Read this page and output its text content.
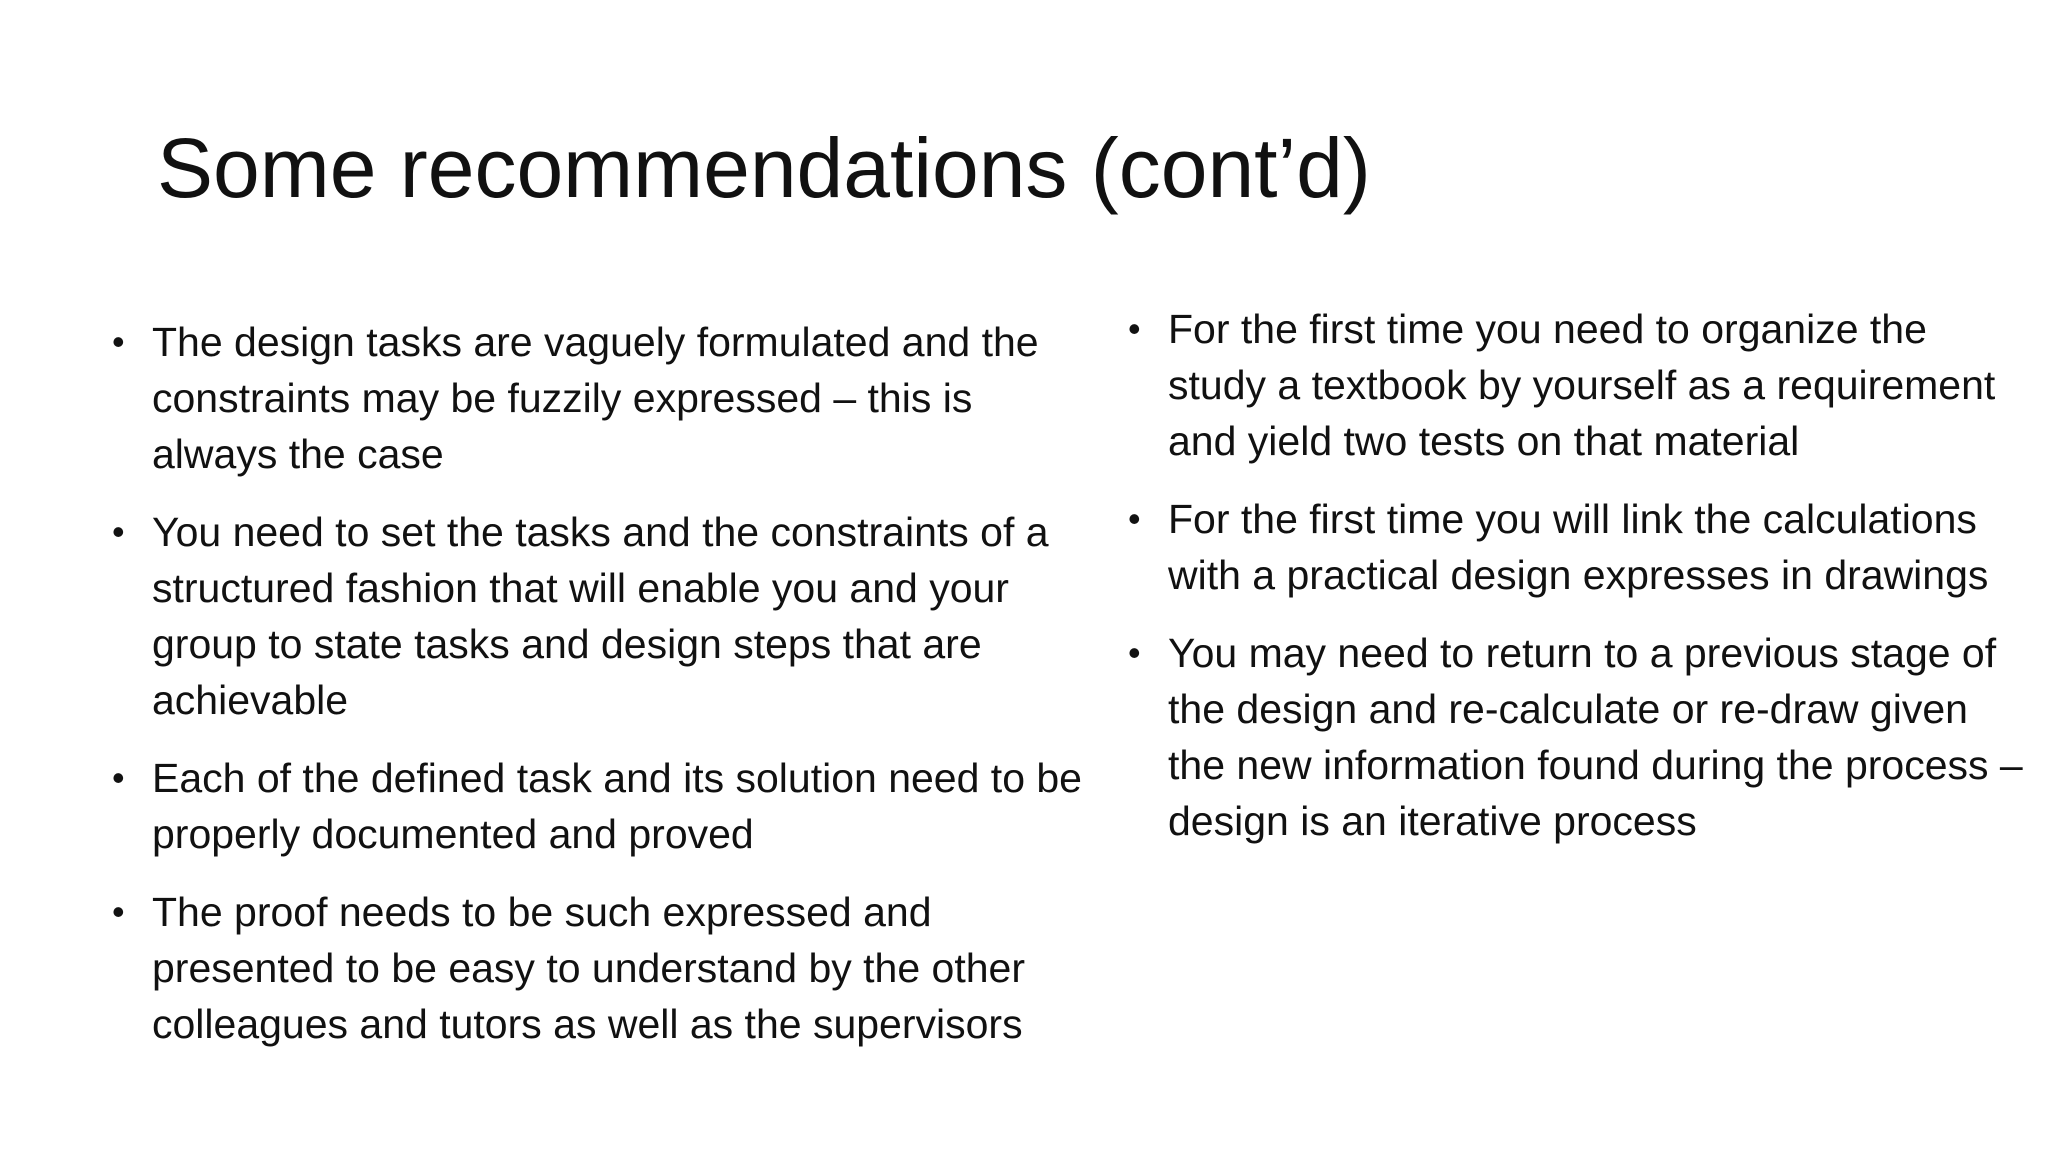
Some recommendations (cont’d)
• The design tasks are vaguely formulated and the constraints may be fuzzily expressed – this is always the case
• You need to set the tasks and the constraints of a structured fashion that will enable you and your group to state tasks and design steps that are achievable
• Each of the defined task and its solution need to be properly documented and proved
• The proof needs to be such expressed and presented to be easy to understand by the other colleagues and tutors as well as the supervisors
• For the first time you need to organize the study a textbook by yourself as a requirement and yield two tests on that material
• For the first time you will link the calculations with a practical design expresses in drawings
• You may need to return to a previous stage of the design and re-calculate or re-draw given the new information found during the process – design is an iterative process
